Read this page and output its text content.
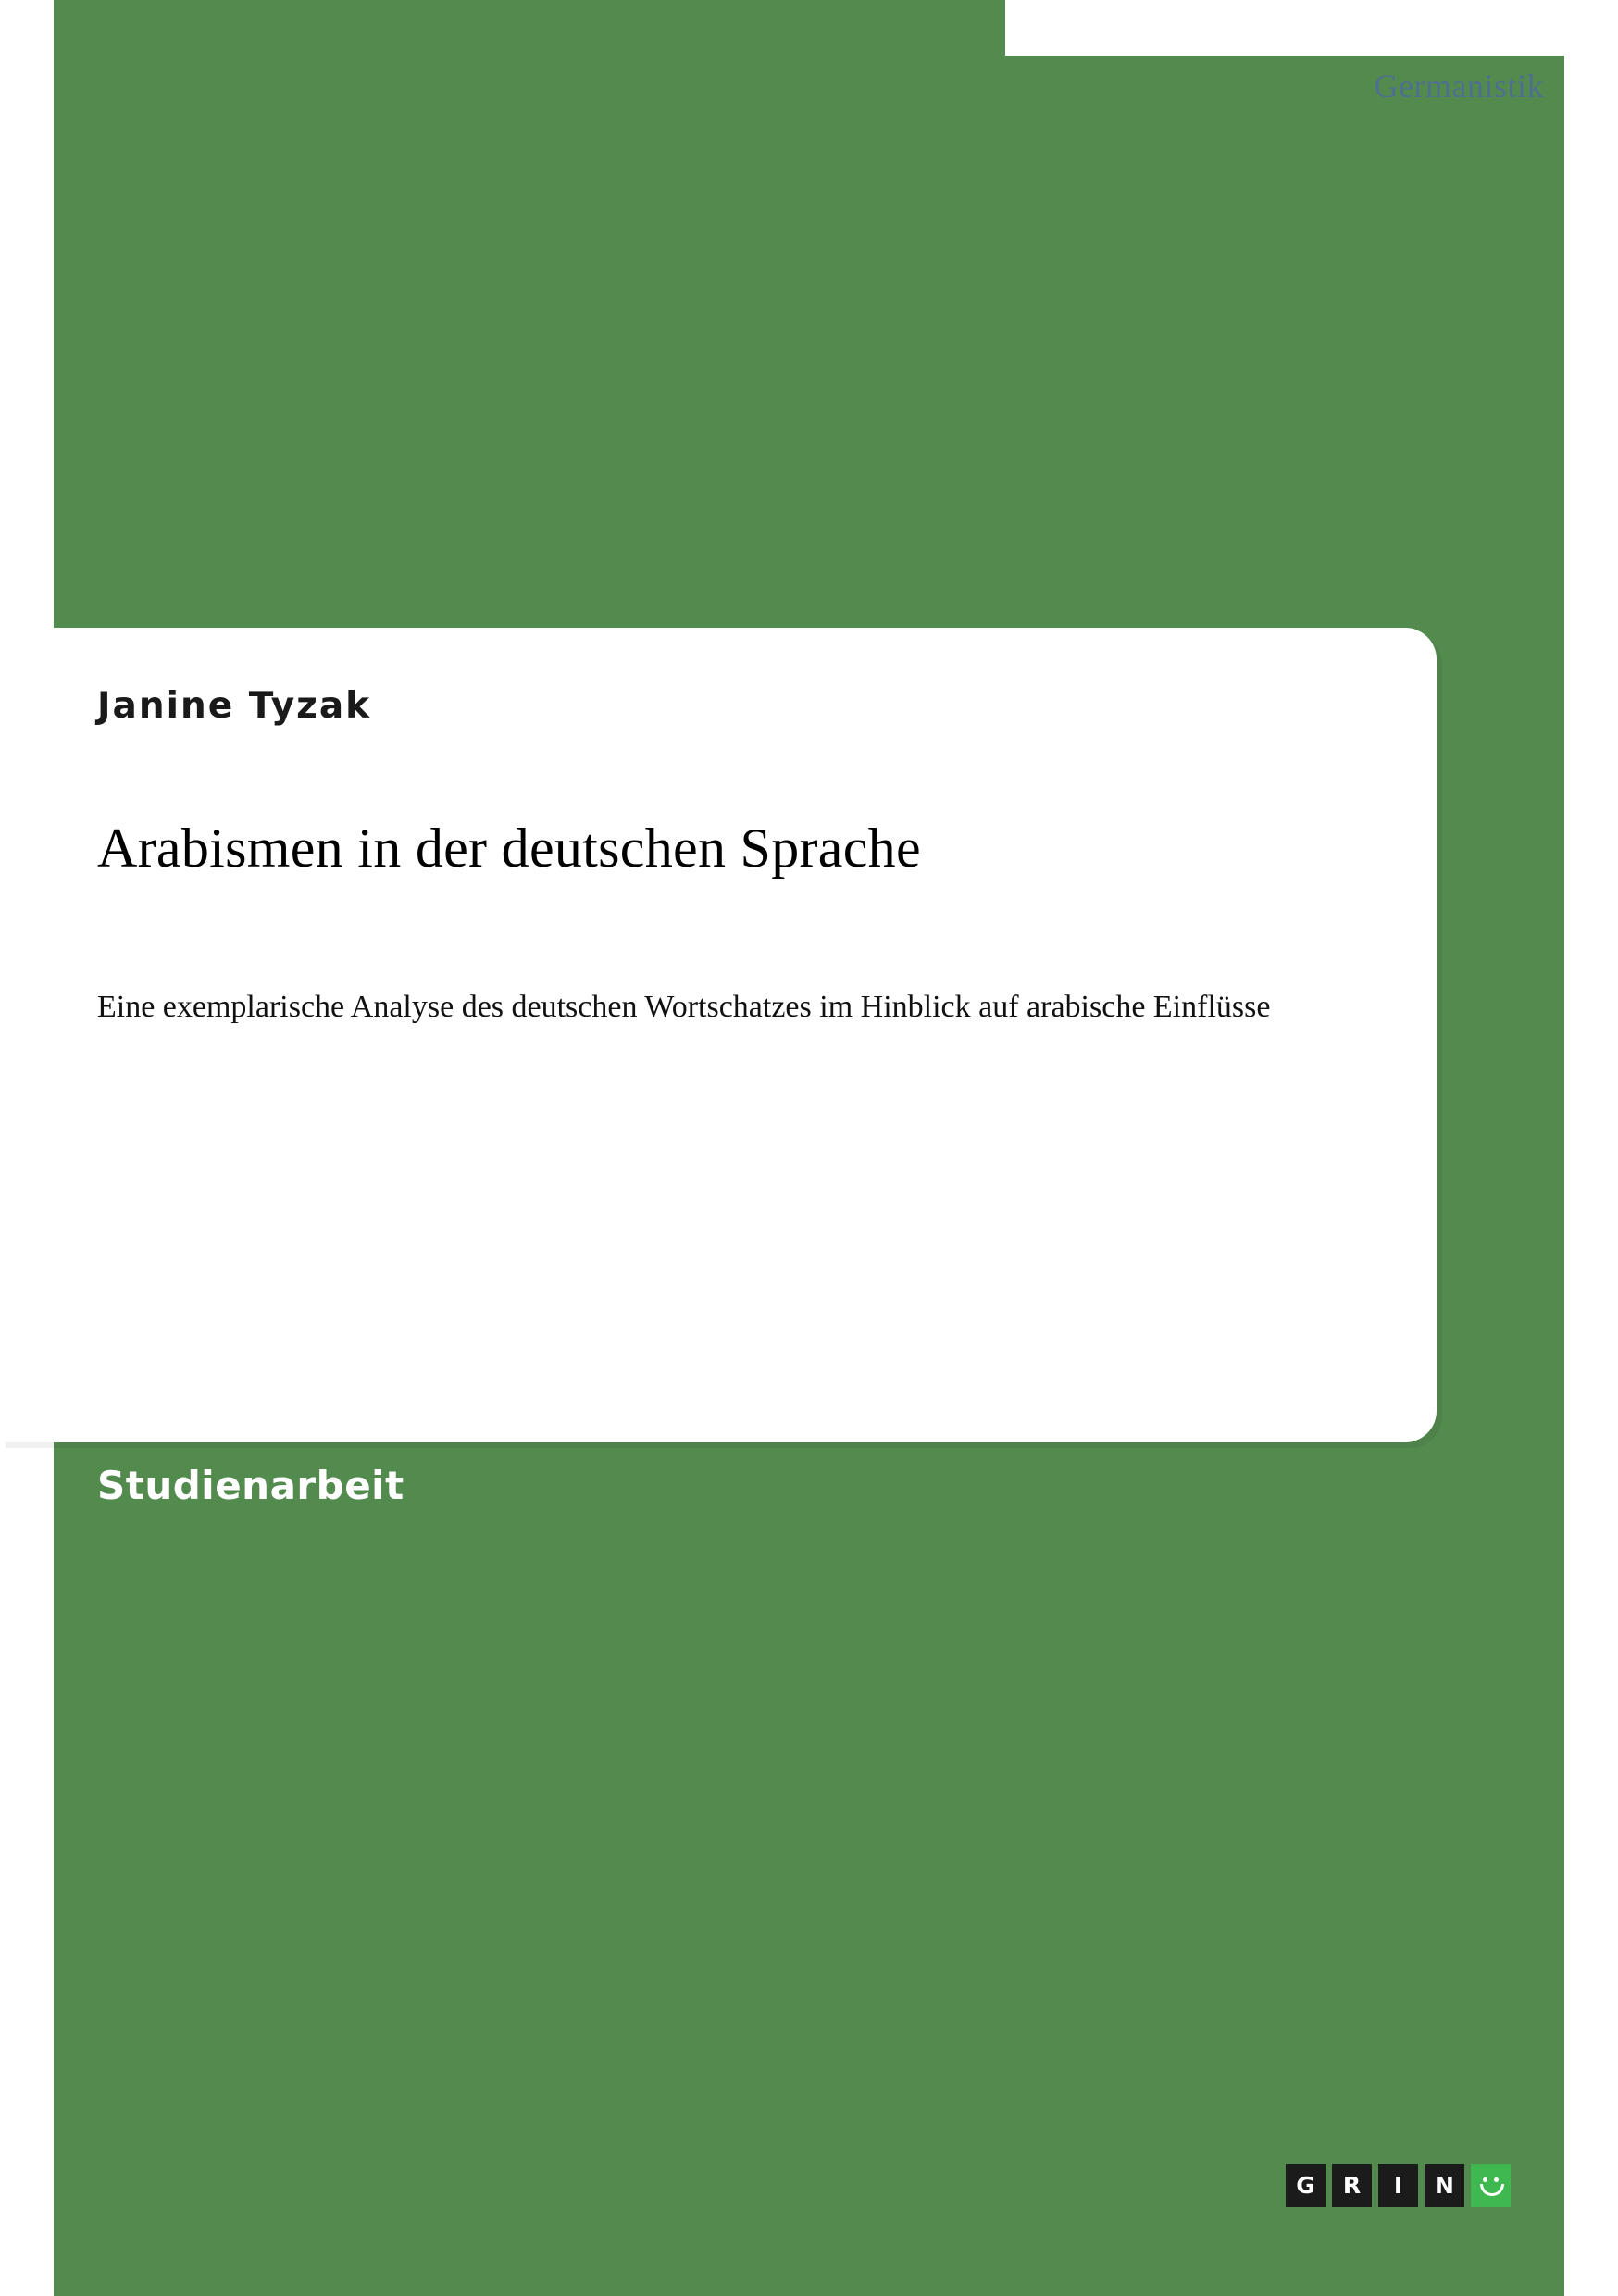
Germanistik
Janine Tyzak
Arabismen in der deutschen Sprache
Eine exemplarische Analyse des deutschen Wortschatzes im Hinblick auf arabische Einflüsse
Studienarbeit
G	R	I	N
